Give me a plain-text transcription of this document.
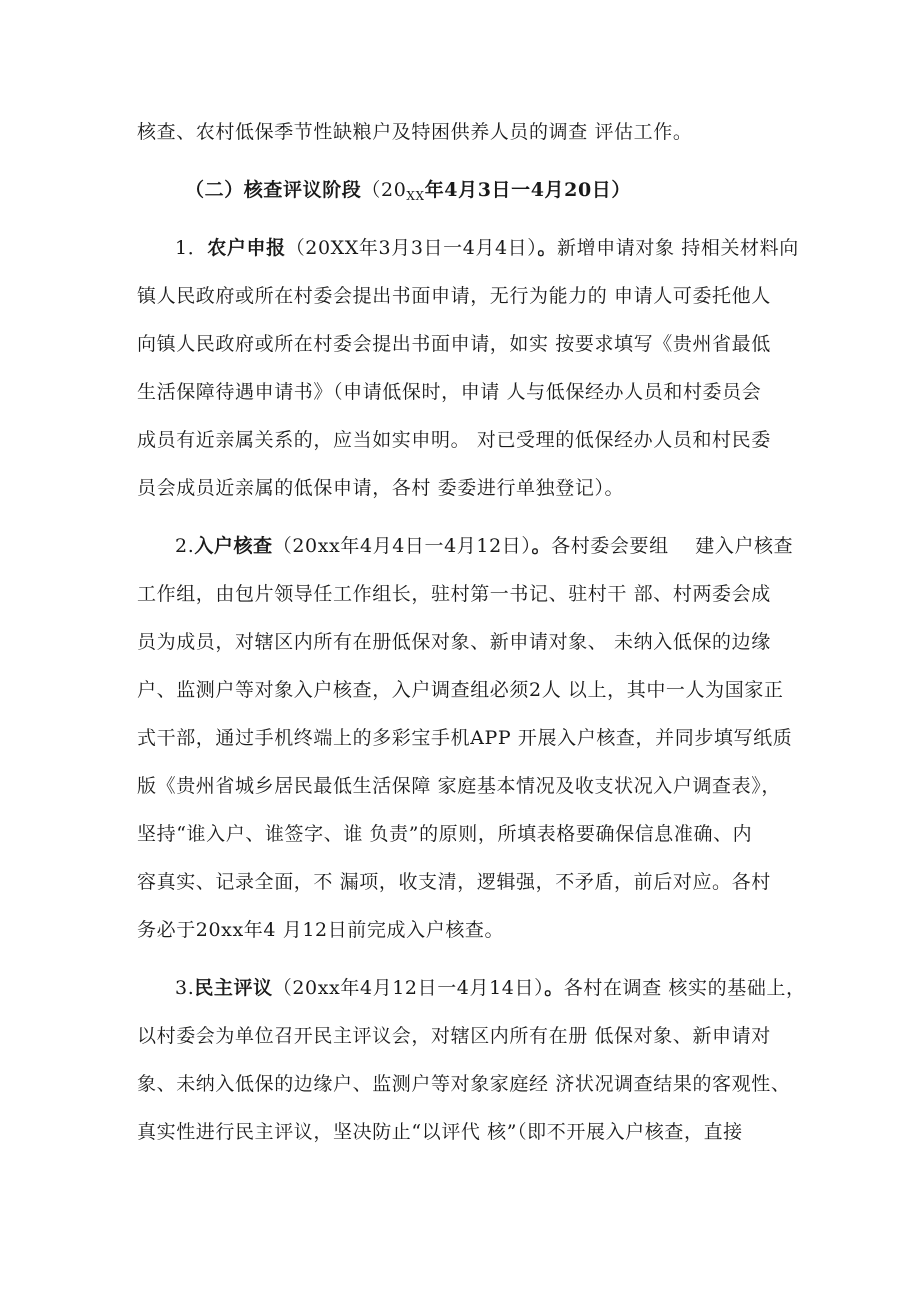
核查、农村低保季节性缺粮户及特困供养人员的调查 评估工作。
（二）核查评议阶段（$20_{XX}$年4月3日一4月20日）
1．农户申报（20XX年3月3日一4月4日）。新增申请对象 持相关材料向
镇人民政府或所在村委会提出书面申请，无行为能力的 申请人可委托他人
向镇人民政府或所在村委会提出书面申请，如实 按要求填写《贵州省最低
生活保障待遇申请书》（申请低保时，申请 人与低保经办人员和村委员会
成员有近亲属关系的，应当如实申明。 对已受理的低保经办人员和村民委
员会成员近亲属的低保申请，各村 委委进行单独登记）。
2.入户核查（20xx年4月4日一4月12日）。各村委会要组    建入户核查
工作组，由包片领导任工作组长，驻村第一书记、驻村干 部、村两委会成
员为成员，对辖区内所有在册低保对象、新申请对象、 未纳入低保的边缘
户、监测户等对象入户核查，入户调查组必须2人 以上，其中一人为国家正
式干部，通过手机终端上的多彩宝手机APP 开展入户核查，并同步填写纸质
版《贵州省城乡居民最低生活保障 家庭基本情况及收支状况入户调查表》，
坚持“谁入户、谁签字、谁 负责”的原则，所填表格要确保信息准确、内
容真实、记录全面，不 漏项，收支清，逻辑强，不矛盾，前后对应。各村
务必于20xx年4 月12日前完成入户核查。
3.民主评议（20xx年4月12日一4月14日）。各村在调查 核实的基础上，
以村委会为单位召开民主评议会，对辖区内所有在册 低保对象、新申请对
象、未纳入低保的边缘户、监测户等对象家庭经 济状况调查结果的客观性、
真实性进行民主评议，坚决防止“以评代 核”（即不开展入户核查，直接
